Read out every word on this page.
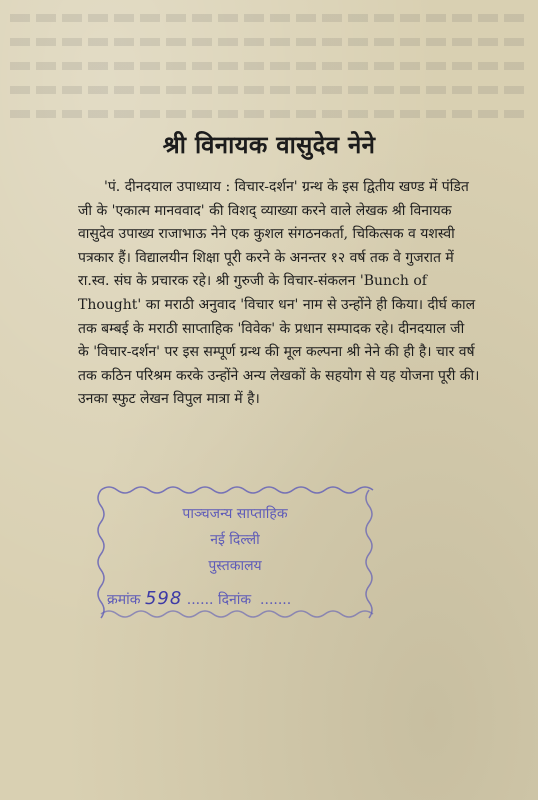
श्री विनायक वासुदेव नेने
'पं. दीनदयाल उपाध्याय : विचार-दर्शन' ग्रन्थ के इस द्वितीय खण्ड में पंडित
जी के 'एकात्म मानववाद' की विशद् व्याख्या करने वाले लेखक श्री विनायक
वासुदेव उपाख्य राजाभाऊ नेने एक कुशल संगठनकर्ता, चिकित्सक व यशस्वी
पत्रकार हैं। विद्यालयीन शिक्षा पूरी करने के अनन्तर १२ वर्ष तक वे गुजरात में
रा.स्व. संघ के प्रचारक रहे। श्री गुरुजी के विचार-संकलन 'Bunch of
Thought' का मराठी अनुवाद 'विचार धन' नाम से उन्होंने ही किया। दीर्घ काल
तक बम्बई के मराठी साप्ताहिक 'विवेक' के प्रधान सम्पादक रहे। दीनदयाल जी
के 'विचार-दर्शन' पर इस सम्पूर्ण ग्रन्थ की मूल कल्पना श्री नेने की ही है। चार वर्ष
तक कठिन परिश्रम करके उन्होंने अन्य लेखकों के सहयोग से यह योजना पूरी की।
उनका स्फुट लेखन विपुल मात्रा में है।
पाञ्चजन्य साप्ताहिक
नई दिल्ली
पुस्तकालय
क्रमांक 598 ...... दिनांक  .......
